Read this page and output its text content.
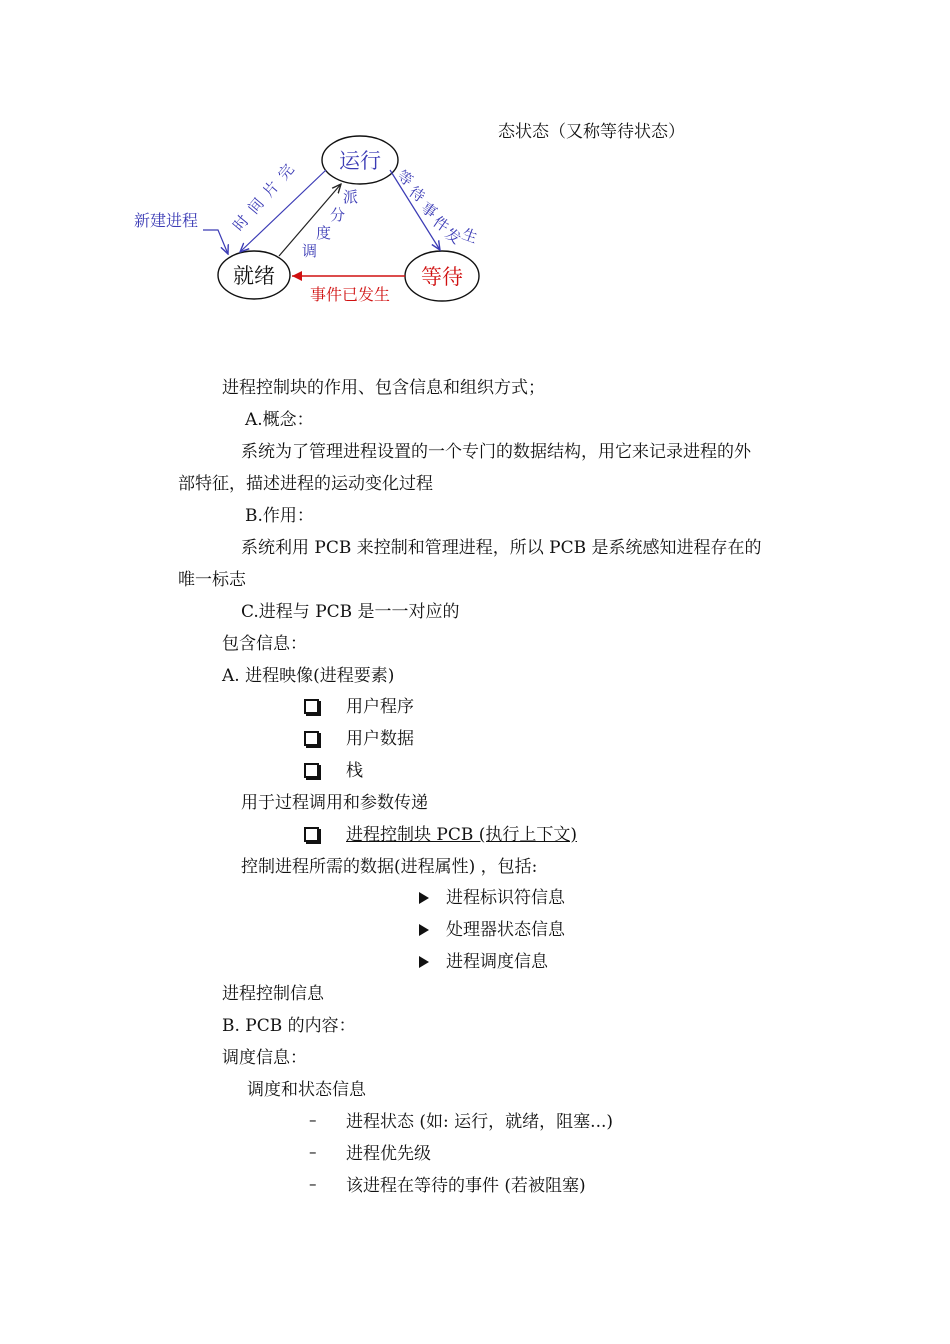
运行
就绪	等待
新建进程 时
间
片
完
调
度
分
派
等
待
事
件
发
生
事件已发生
态状态（又称等待状态）
进程控制块的作用、包含信息和组织方式；
A.概念：
系统为了管理进程设置的一个专门的数据结构，用它来记录进程的外
部特征，描述进程的运动变化过程
B.作用：
系统利用 PCB 来控制和管理进程，所以 PCB 是系统感知进程存在的
唯一标志
C.进程与 PCB 是一一对应的
包含信息：
A. 进程映像(进程要素)
用户程序
用户数据
栈
用于过程调用和参数传递
进程控制块 PCB (执行上下文)
控制进程所需的数据(进程属性) ，包括:
进程标识符信息
处理器状态信息
进程调度信息
进程控制信息
B. PCB 的内容：
调度信息：
调度和状态信息
– 进程状态 (如: 运行，就绪，阻塞...)
– 进程优先级
– 该进程在等待的事件 (若被阻塞)
